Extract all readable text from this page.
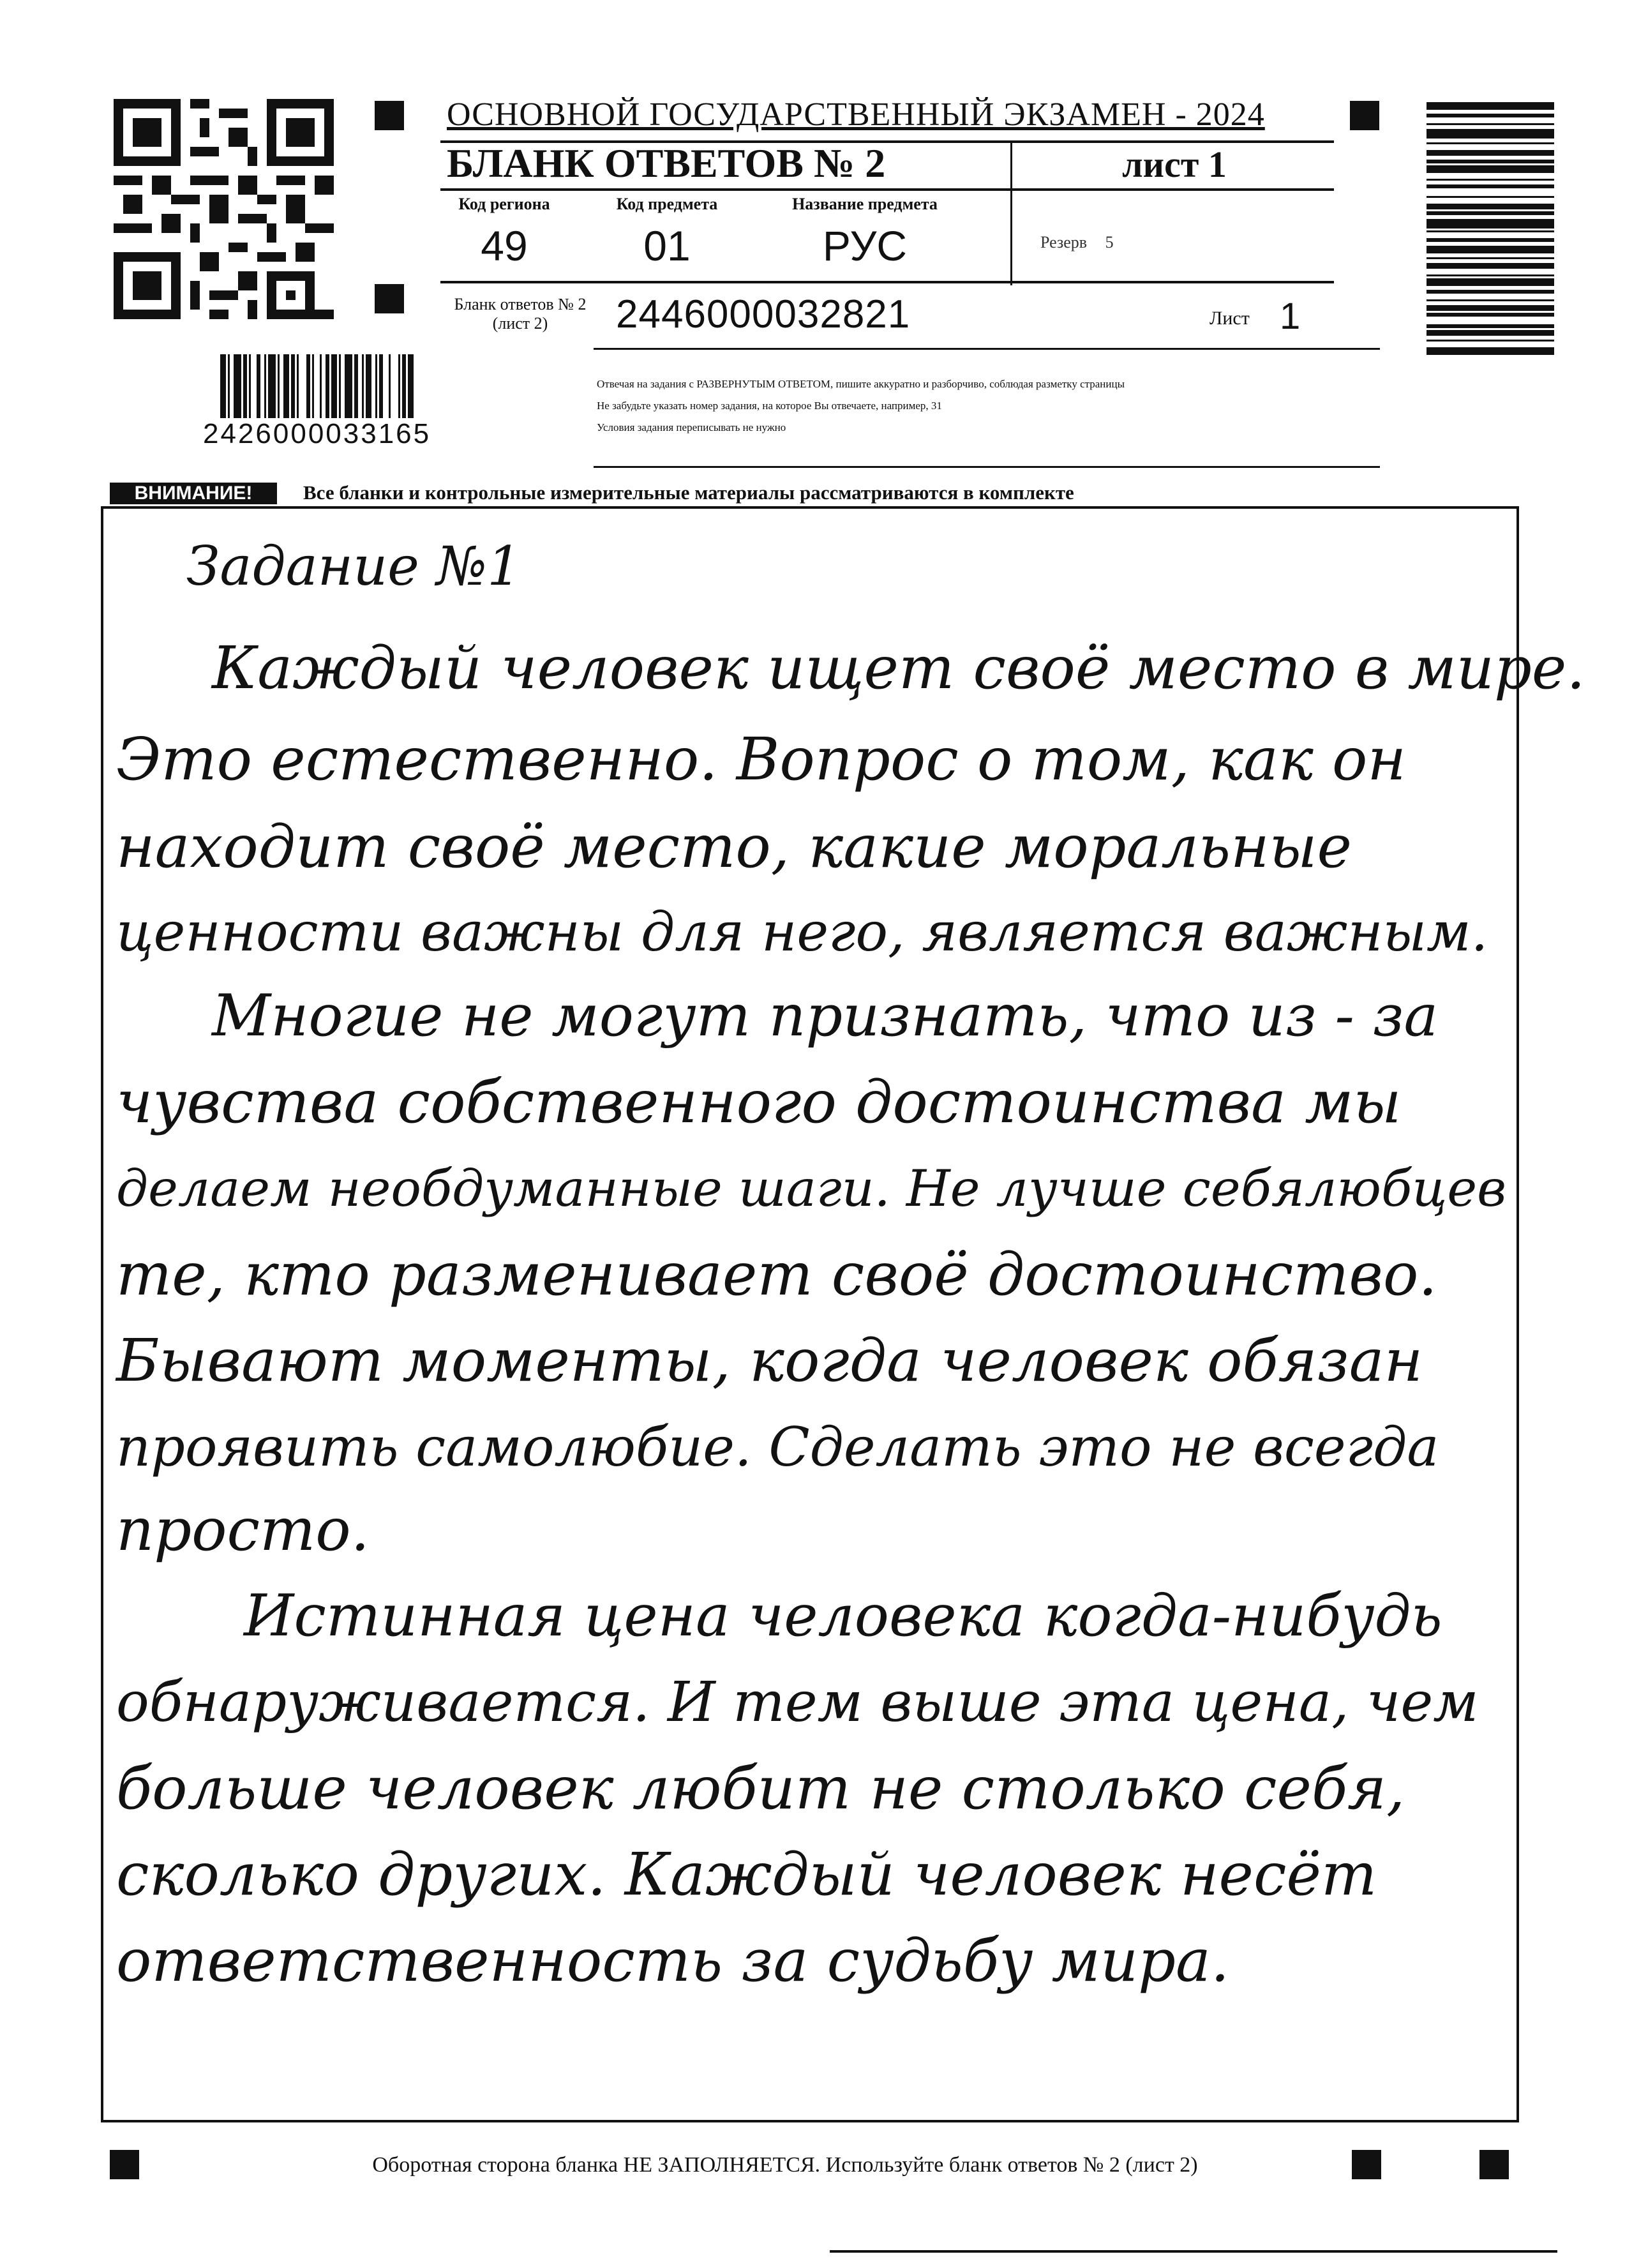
ОСНОВНОЙ ГОСУДАРСТВЕННЫЙ ЭКЗАМЕН - 2024
БЛАНК ОТВЕТОВ № 2	лист 1
Код региона	Код предмета	Название предмета
49	01	РУС	Резерв 5
Бланк ответов № 2
(лист 2)	2446000032821	Лист 1
Отвечая на задания с РАЗВЕРНУТЫМ ОТВЕТОМ, пишите аккуратно и разборчиво, соблюдая разметку страницы
Не забудьте указать номер задания, на которое Вы отвечаете, например, 31
Условия задания переписывать не нужно
2426000033165
ВНИМАНИЕ!	Все бланки и контрольные измерительные материалы рассматриваются в комплекте
Задание №1
Каждый человек ищет своё место в мире.
Это естественно. Вопрос о том, как он
находит своё место, какие моральные
ценности важны для него, является важным.
Многие не могут признать, что из - за
чувства собственного достоинства мы
делаем необдуманные шаги. Не лучше себялюбцев
те, кто разменивает своё достоинство.
Бывают моменты, когда человек обязан
проявить самолюбие. Сделать это не всегда
просто.
Истинная цена человека когда-нибудь
обнаруживается. И тем выше эта цена, чем
больше человек любит не столько себя,
сколько других. Каждый человек несёт
ответственность за судьбу мира.
Оборотная сторона бланка НЕ ЗАПОЛНЯЕТСЯ. Используйте бланк ответов № 2 (лист 2)
